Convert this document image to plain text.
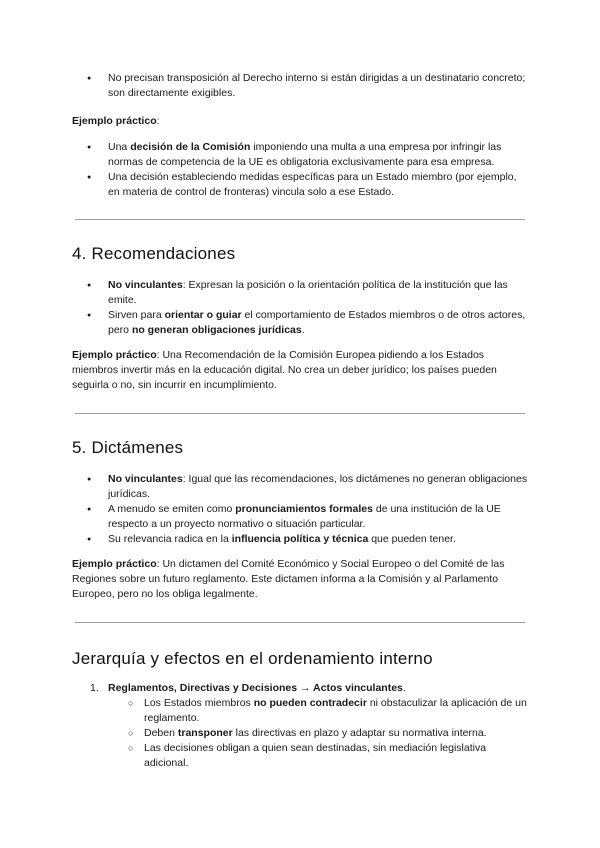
● No precisan transposición al Derecho interno si están dirigidas a un destinatario concreto; son directamente exigibles.

Ejemplo práctico:

● Una decisión de la Comisión imponiendo una multa a una empresa por infringir las normas de competencia de la UE es obligatoria exclusivamente para esa empresa.
● Una decisión estableciendo medidas específicas para un Estado miembro (por ejemplo, en materia de control de fronteras) vincula solo a ese Estado.
4. Recomendaciones
● No vinculantes: Expresan la posición o la orientación política de la institución que las emite.
● Sirven para orientar o guiar el comportamiento de Estados miembros o de otros actores, pero no generan obligaciones jurídicas.

Ejemplo práctico: Una Recomendación de la Comisión Europea pidiendo a los Estados miembros invertir más en la educación digital. No crea un deber jurídico; los países pueden seguirla o no, sin incurrir en incumplimiento.

5. Dictámenes
● No vinculantes: Igual que las recomendaciones, los dictámenes no generan obligaciones jurídicas.
● A menudo se emiten como pronunciamientos formales de una institución de la UE respecto a un proyecto normativo o situación particular.
● Su relevancia radica en la influencia política y técnica que pueden tener.

Ejemplo práctico: Un dictamen del Comité Económico y Social Europeo o del Comité de las Regiones sobre un futuro reglamento. Este dictamen informa a la Comisión y al Parlamento Europeo, pero no los obliga legalmente.

Jerarquía y efectos en el ordenamiento interno
1. Reglamentos, Directivas y Decisiones → Actos vinculantes.
○ Los Estados miembros no pueden contradecir ni obstaculizar la aplicación de un reglamento.
○ Deben transponer las directivas en plazo y adaptar su normativa interna.
○ Las decisiones obligan a quien sean destinadas, sin mediación legislativa adicional.
